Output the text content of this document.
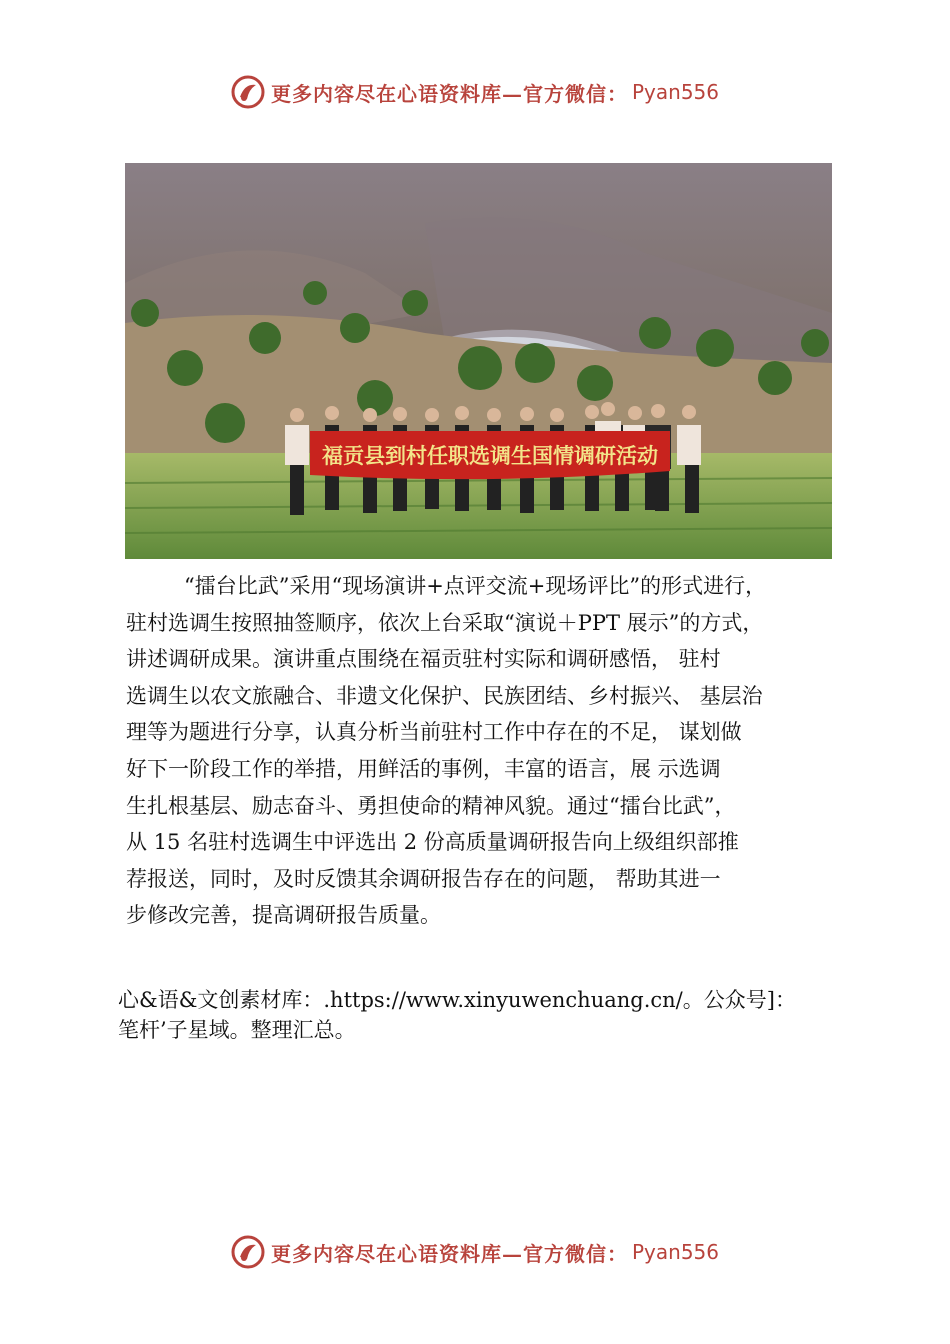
更多内容尽在心语资料库—官方微信： Pyan556
福贡县到村任职选调生国情调研活动

“擂台比武”采用“现场演讲+点评交流+现场评比”的形式进行，

驻村选调生按照抽签顺序，依次上台采取“演说＋PPT 展示”的方式，

讲述调研成果。演讲重点围绕在福贡驻村实际和调研感悟， 驻村

选调生以农文旅融合、非遗文化保护、民族团结、乡村振兴、 基层治

理等为题进行分享，认真分析当前驻村工作中存在的不足， 谋划做

好下一阶段工作的举措，用鲜活的事例，丰富的语言，展 示选调

生扎根基层、励志奋斗、勇担使命的精神风貌。通过“擂台比武”，

从 15 名驻村选调生中评选出 2 份高质量调研报告向上级组织部推

荐报送，同时，及时反馈其余调研报告存在的问题， 帮助其进一

步修改完善，提高调研报告质量。

心&语&文创素材库：.https://www.xinyuwenchuang.cn/。公众号]：

笔杆’子星域。整理汇总。

更多内容尽在心语资料库—官方微信： Pyan556
